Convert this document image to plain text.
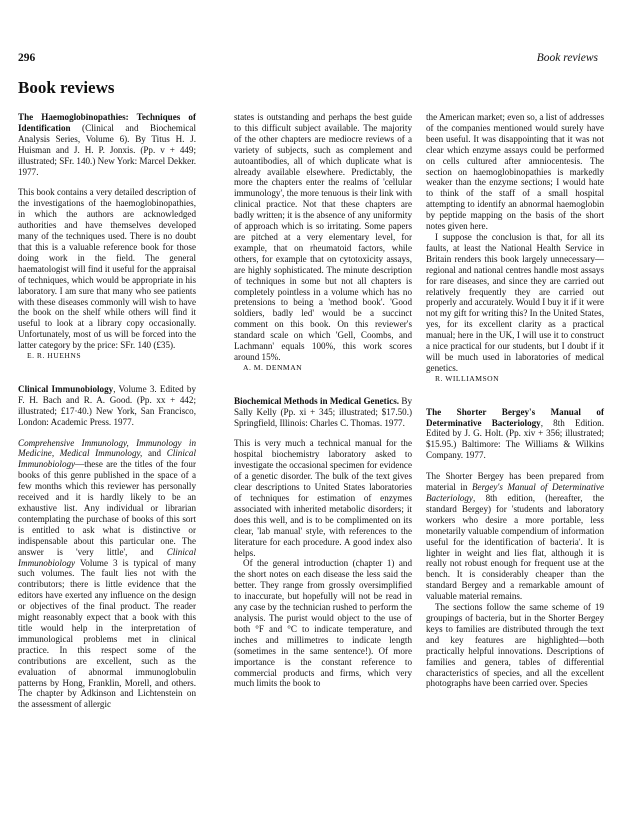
296	Book reviews
Book reviews

The Haemoglobinopathies: Techniques of Identification (Clinical and Biochemical Analysis Series, Volume 6). By Titus H. J. Huisman and J. H. P. Jonxis. (Pp. v + 449; illustrated; SFr. 140.) New York: Marcel Dekker. 1977.

This book contains a very detailed description of the investigations of the haemoglobinopathies, in which the authors are acknowledged authorities and have themselves developed many of the techniques used. There is no doubt that this is a valuable reference book for those doing work in the field. The general haematologist will find it useful for the appraisal of techniques, which would be appropriate in his laboratory. I am sure that many who see patients with these diseases commonly will wish to have the book on the shelf while others will find it useful to look at a library copy occasionally. Unfortunately, most of us will be forced into the latter category by the price: SFr. 140 (£35).

E. R. HUEHNS

Clinical Immunobiology, Volume 3. Edited by F. H. Bach and R. A. Good. (Pp. xx + 442; illustrated; £17·40.) New York, San Francisco, London: Academic Press. 1977.

Comprehensive Immunology, Immunology in Medicine, Medical Immunology, and Clinical Immunobiology—these are the titles of the four books of this genre published in the space of a few months which this reviewer has personally received and it is hardly likely to be an exhaustive list. Any individual or librarian contemplating the purchase of books of this sort is entitled to ask what is distinctive or indispensable about this particular one. The answer is 'very little', and Clinical Immunobiology Volume 3 is typical of many such volumes. The fault lies not with the contributors; there is little evidence that the editors have exerted any influence on the design or objectives of the final product. The reader might reasonably expect that a book with this title would help in the interpretation of immunological problems met in clinical practice. In this respect some of the contributions are excellent, such as the evaluation of abnormal immunoglobulin patterns by Hong, Franklin, Morell, and others. The chapter by Adkinson and Lichtenstein on the assessment of allergic

states is outstanding and perhaps the best guide to this difficult subject available. The majority of the other chapters are mediocre reviews of a variety of subjects, such as complement and autoantibodies, all of which duplicate what is already available elsewhere. Predictably, the more the chapters enter the realms of 'cellular immunology', the more tenuous is their link with clinical practice. Not that these chapters are badly written; it is the absence of any uniformity of approach which is so irritating. Some papers are pitched at a very elementary level, for example, that on rheumatoid factors, while others, for example that on cytotoxicity assays, are highly sophisticated. The minute description of techniques in some but not all chapters is completely pointless in a volume which has no pretensions to being a 'method book'. 'Good soldiers, badly led' would be a succinct comment on this book. On this reviewer's standard scale on which 'Gell, Coombs, and Lachmann' equals 100%, this work scores around 15%.

A. M. DENMAN

Biochemical Methods in Medical Genetics. By Sally Kelly (Pp. xi + 345; illustrated; $17.50.) Springfield, Illinois: Charles C. Thomas. 1977.

This is very much a technical manual for the hospital biochemistry laboratory asked to investigate the occasional specimen for evidence of a genetic disorder. The bulk of the text gives clear descriptions to United States laboratories of techniques for estimation of enzymes associated with inherited metabolic disorders; it does this well, and is to be complimented on its clear, 'lab manual' style, with references to the literature for each procedure. A good index also helps.

Of the general introduction (chapter 1) and the short notes on each disease the less said the better. They range from grossly oversimplified to inaccurate, but hopefully will not be read in any case by the technician rushed to perform the analysis. The purist would object to the use of both °F and °C to indicate temperature, and inches and millimetres to indicate length (sometimes in the same sentence!). Of more importance is the constant reference to commercial products and firms, which very much limits the book to

the American market; even so, a list of addresses of the companies mentioned would surely have been useful. It was disappointing that it was not clear which enzyme assays could be performed on cells cultured after amniocentesis. The section on haemoglobinopathies is markedly weaker than the enzyme sections; I would hate to think of the staff of a small hospital attempting to identify an abnormal haemoglobin by peptide mapping on the basis of the short notes given here.

I suppose the conclusion is that, for all its faults, at least the National Health Service in Britain renders this book largely unnecessary—regional and national centres handle most assays for rare diseases, and since they are carried out relatively frequently they are carried out properly and accurately. Would I buy it if it were not my gift for writing this? In the United States, yes, for its excellent clarity as a practical manual; here in the UK, I will use it to construct a nice practical for our students, but I doubt if it will be much used in laboratories of medical genetics.

R. WILLIAMSON

The Shorter Bergey's Manual of Determinative Bacteriology, 8th Edition. Edited by J. G. Holt. (Pp. xiv + 356; illustrated; $15.95.) Baltimore: The Williams & Wilkins Company. 1977.

The Shorter Bergey has been prepared from material in Bergey's Manual of Determinative Bacteriology, 8th edition, (hereafter, the standard Bergey) for 'students and laboratory workers who desire a more portable, less monetarily valuable compendium of information useful for the identification of bacteria'. It is lighter in weight and lies flat, although it is really not robust enough for frequent use at the bench. It is considerably cheaper than the standard Bergey and a remarkable amount of valuable material remains.

The sections follow the same scheme of 19 groupings of bacteria, but in the Shorter Bergey keys to families are distributed through the text and key features are highlighted—both practically helpful innovations. Descriptions of families and genera, tables of differential characteristics of species, and all the excellent photographs have been carried over. Species
